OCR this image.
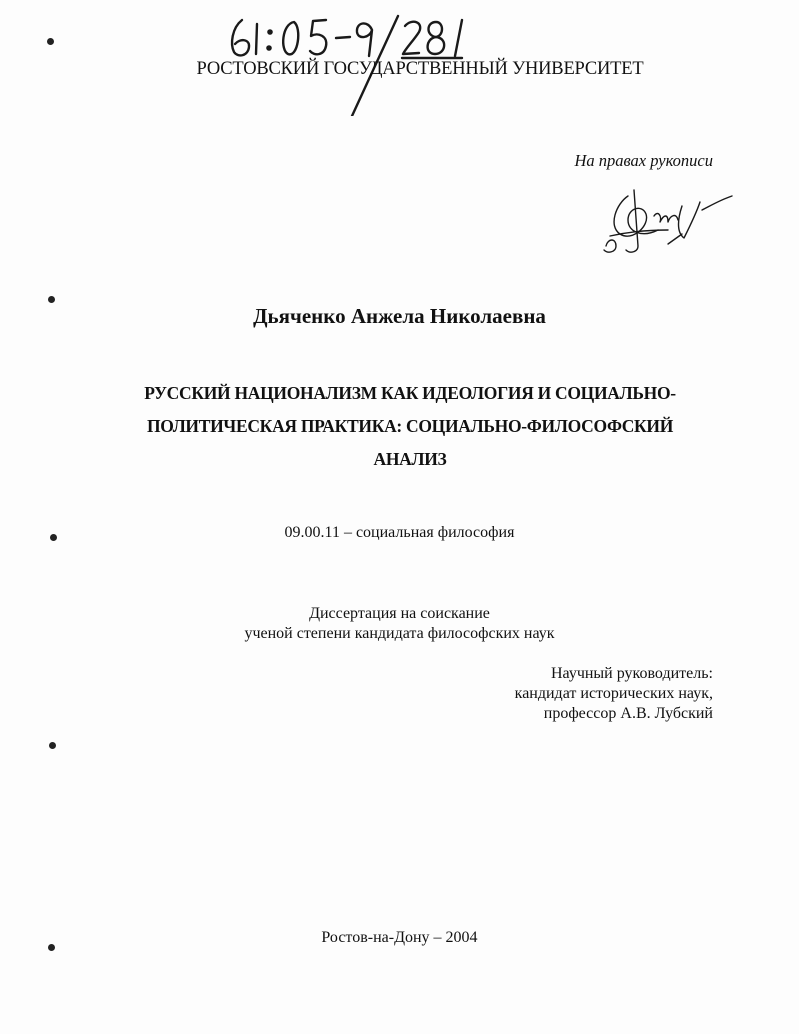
РОСТОВСКИЙ ГОСУДАРСТВЕННЫЙ УНИВЕРСИТЕТ
На правах рукописи
Дьяченко Анжела Николаевна
РУССКИЙ НАЦИОНАЛИЗМ КАК ИДЕОЛОГИЯ И СОЦИАЛЬНО-
ПОЛИТИЧЕСКАЯ ПРАКТИКА: СОЦИАЛЬНО-ФИЛОСОФСКИЙ
АНАЛИЗ
09.00.11 – социальная философия
Диссертация на соискание
ученой степени кандидата философских наук
Научный руководитель:
кандидат исторических наук,
профессор А.В. Лубский
Ростов-на-Дону – 2004
